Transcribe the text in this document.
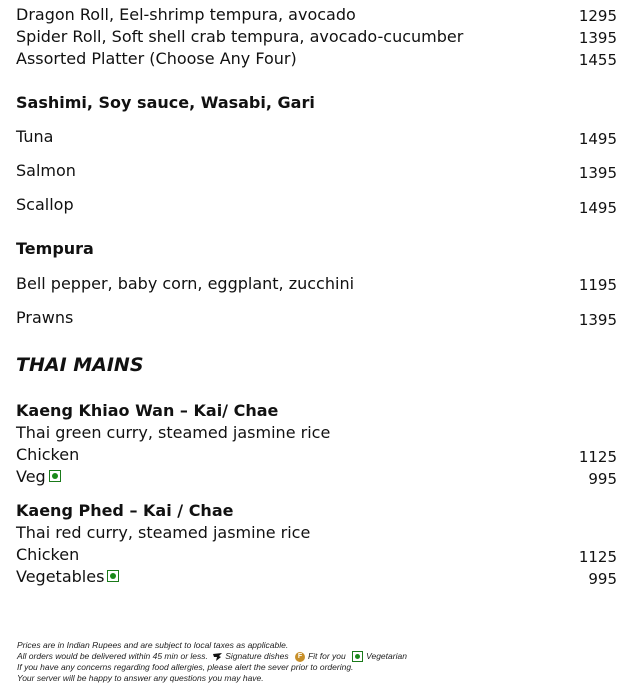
Dragon Roll, Eel-shrimp tempura, avocado	1295
Spider Roll, Soft shell crab tempura, avocado-cucumber	1395
Assorted Platter (Choose Any Four)	1455
Sashimi, Soy sauce, Wasabi, Gari
Tuna	1495
Salmon	1395
Scallop	1495
Tempura
Bell pepper, baby corn, eggplant, zucchini	1195
Prawns	1395
THAI MAINS
Kaeng Khiao Wan – Kai/ Chae
Thai green curry, steamed jasmine rice
Chicken	1125
Veg	995
Kaeng Phed – Kai / Chae
Thai red curry, steamed jasmine rice
Chicken	1125
Vegetables	995
Prices are in Indian Rupees and are subject to local taxes as applicable.
All orders would be delivered within 45 min or less. Signature dishes F Fit for you Vegetarian
If you have any concerns regarding food allergies, please alert the sever prior to ordering.
Your server will be happy to answer any questions you may have.
